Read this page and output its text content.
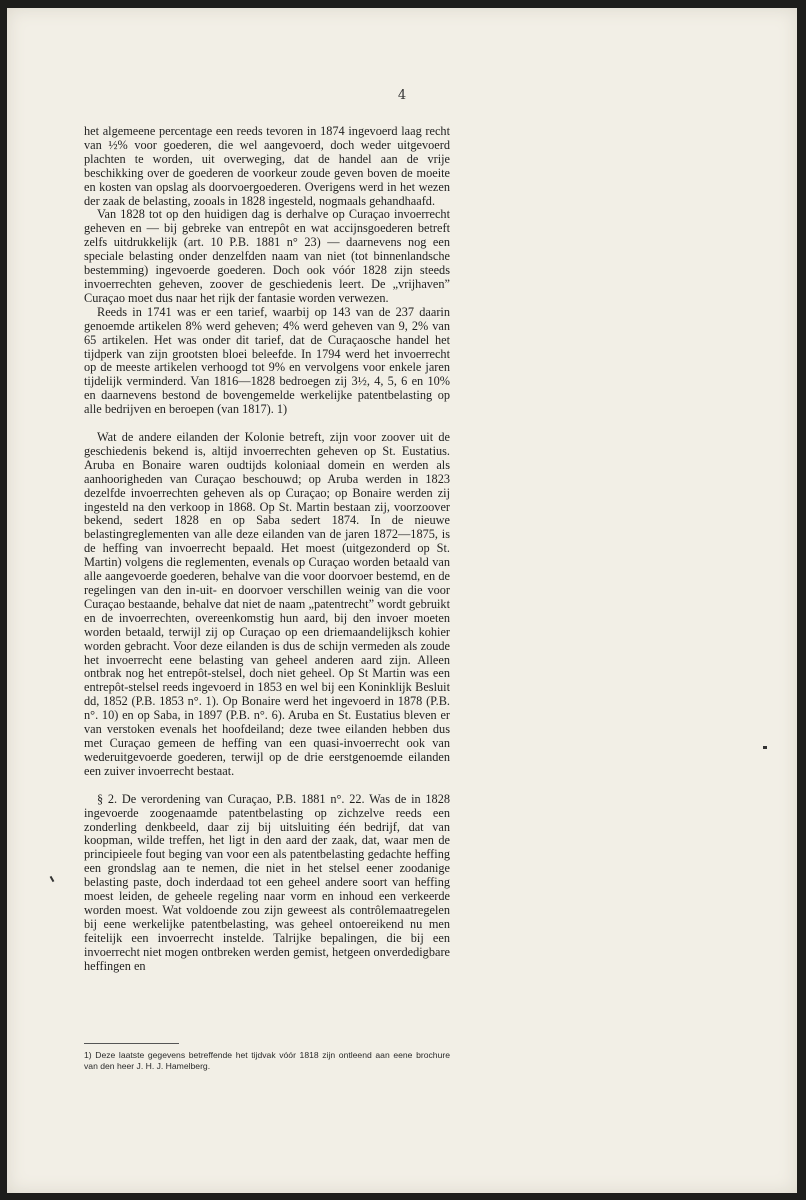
4

het algemeene percentage een reeds tevoren in 1874 ingevoerd laag recht van ½% voor goederen, die wel aangevoerd, doch weder uitgevoerd plachten te worden, uit overweging, dat de handel aan de vrije beschikking over de goederen de voorkeur zoude geven boven de moeite en kosten van opslag als doorvoergoederen. Overigens werd in het wezen der zaak de belasting, zooals in 1828 ingesteld, nogmaals gehandhaafd.

Van 1828 tot op den huidigen dag is derhalve op Curaçao invoerrecht geheven en — bij gebreke van entrepôt en wat accijnsgoederen betreft zelfs uitdrukkelijk (art. 10 P.B. 1881 n° 23) — daarnevens nog een speciale belasting onder denzelfden naam van niet (tot binnenlandsche bestemming) ingevoerde goederen. Doch ook vóór 1828 zijn steeds invoerrechten geheven, zoover de geschiedenis leert. De „vrijhaven” Curaçao moet dus naar het rijk der fantasie worden verwezen.

Reeds in 1741 was er een tarief, waarbij op 143 van de 237 daarin genoemde artikelen 8% werd geheven; 4% werd geheven van 9, 2% van 65 artikelen. Het was onder dit tarief, dat de Curaçaosche handel het tijdperk van zijn grootsten bloei beleefde. In 1794 werd het invoerrecht op de meeste artikelen verhoogd tot 9% en vervolgens voor enkele jaren tijdelijk verminderd. Van 1816—1828 bedroegen zij 3½, 4, 5, 6 en 10% en daarnevens bestond de bovengemelde werkelijke patentbelasting op alle bedrijven en beroepen (van 1817). 1)

Wat de andere eilanden der Kolonie betreft, zijn voor zoover uit de geschiedenis bekend is, altijd invoerrechten geheven op St. Eustatius. Aruba en Bonaire waren oudtijds koloniaal domein en werden als aanhoorigheden van Curaçao beschouwd; op Aruba werden in 1823 dezelfde invoerrechten geheven als op Curaçao; op Bonaire werden zij ingesteld na den verkoop in 1868. Op St. Martin bestaan zij, voorzoover bekend, sedert 1828 en op Saba sedert 1874. In de nieuwe belastingreglementen van alle deze eilanden van de jaren 1872—1875, is de heffing van invoerrecht bepaald. Het moest (uitgezonderd op St. Martin) volgens die reglementen, evenals op Curaçao worden betaald van alle aangevoerde goederen, behalve van die voor doorvoer bestemd, en de regelingen van den in-uit- en doorvoer verschillen weinig van die voor Curaçao bestaande, behalve dat niet de naam „patentrecht” wordt gebruikt en de invoerrechten, overeenkomstig hun aard, bij den invoer moeten worden betaald, terwijl zij op Curaçao op een driemaandelijksch kohier worden gebracht. Voor deze eilanden is dus de schijn vermeden als zoude het invoerrecht eene belasting van geheel anderen aard zijn. Alleen ontbrak nog het entrepôt-stelsel, doch niet geheel. Op St Martin was een entrepôt-stelsel reeds ingevoerd in 1853 en wel bij een Koninklijk Besluit dd, 1852 (P.B. 1853 n°. 1). Op Bonaire werd het ingevoerd in 1878 (P.B. n°. 10) en op Saba, in 1897 (P.B. n°. 6). Aruba en St. Eustatius bleven er van verstoken evenals het hoofdeiland; deze twee eilanden hebben dus met Curaçao gemeen de heffing van een quasi-invoerrecht ook van wederuitgevoerde goederen, terwijl op de drie eerstgenoemde eilanden een zuiver invoerrecht bestaat.

§ 2. De verordening van Curaçao, P.B. 1881 n°. 22. Was de in 1828 ingevoerde zoogenaamde patentbelasting op zichzelve reeds een zonderling denkbeeld, daar zij bij uitsluiting één bedrijf, dat van koopman, wilde treffen, het ligt in den aard der zaak, dat, waar men de principieele fout beging van voor een als patentbelasting gedachte heffing een grondslag aan te nemen, die niet in het stelsel eener zoodanige belasting paste, doch inderdaad tot een geheel andere soort van heffing moest leiden, de geheele regeling naar vorm en inhoud een verkeerde worden moest. Wat voldoende zou zijn geweest als contrôlemaatregelen bij eene werkelijke patentbelasting, was geheel ontoereikend nu men feitelijk een invoerrecht instelde. Talrijke bepalingen, die bij een invoerrecht niet mogen ontbreken werden gemist, hetgeen onverdedigbare heffingen en

1) Deze laatste gegevens betreffende het tijdvak vóór 1818 zijn ontleend aan eene brochure van den heer J. H. J. Hamelberg.
